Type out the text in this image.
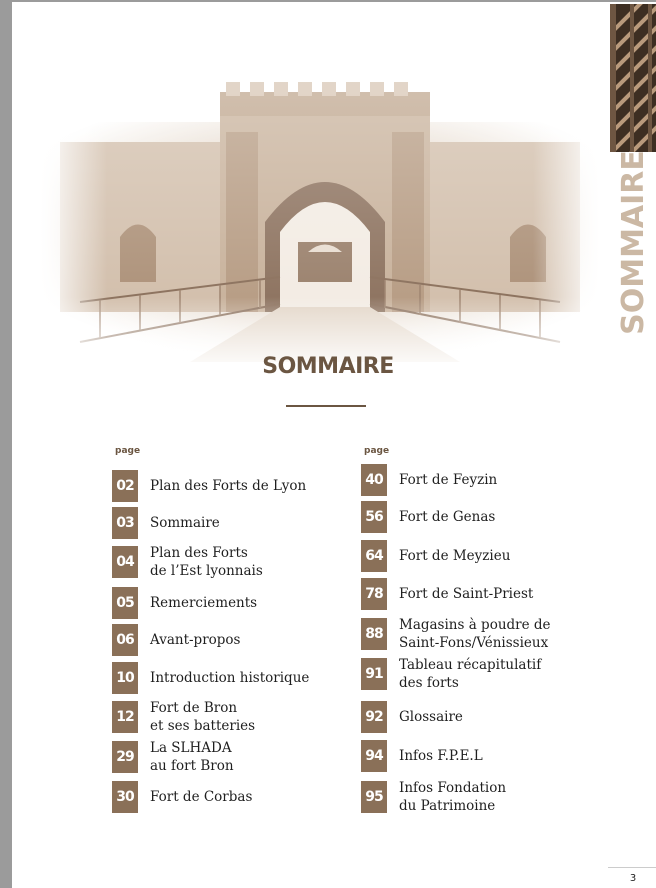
SOMMAIRE
3
SOMMAIRE
page	page
02	Plan des Forts de Lyon
03	Sommaire
04
Plan des Forts
de l’Est lyonnais
05	Remerciements
06	Avant-propos
10	Introduction historique
12
Fort de Bron
et ses batteries
29
La SLHADA
au fort Bron
30	Fort de Corbas
40	Fort de Feyzin
56	Fort de Genas
64	Fort de Meyzieu
78	Fort de Saint-Priest
88
Magasins à poudre de
Saint-Fons/Vénissieux
91
Tableau récapitulatif
des forts
92	Glossaire
94	Infos F.P.E.L
95
Infos Fondation
du Patrimoine
